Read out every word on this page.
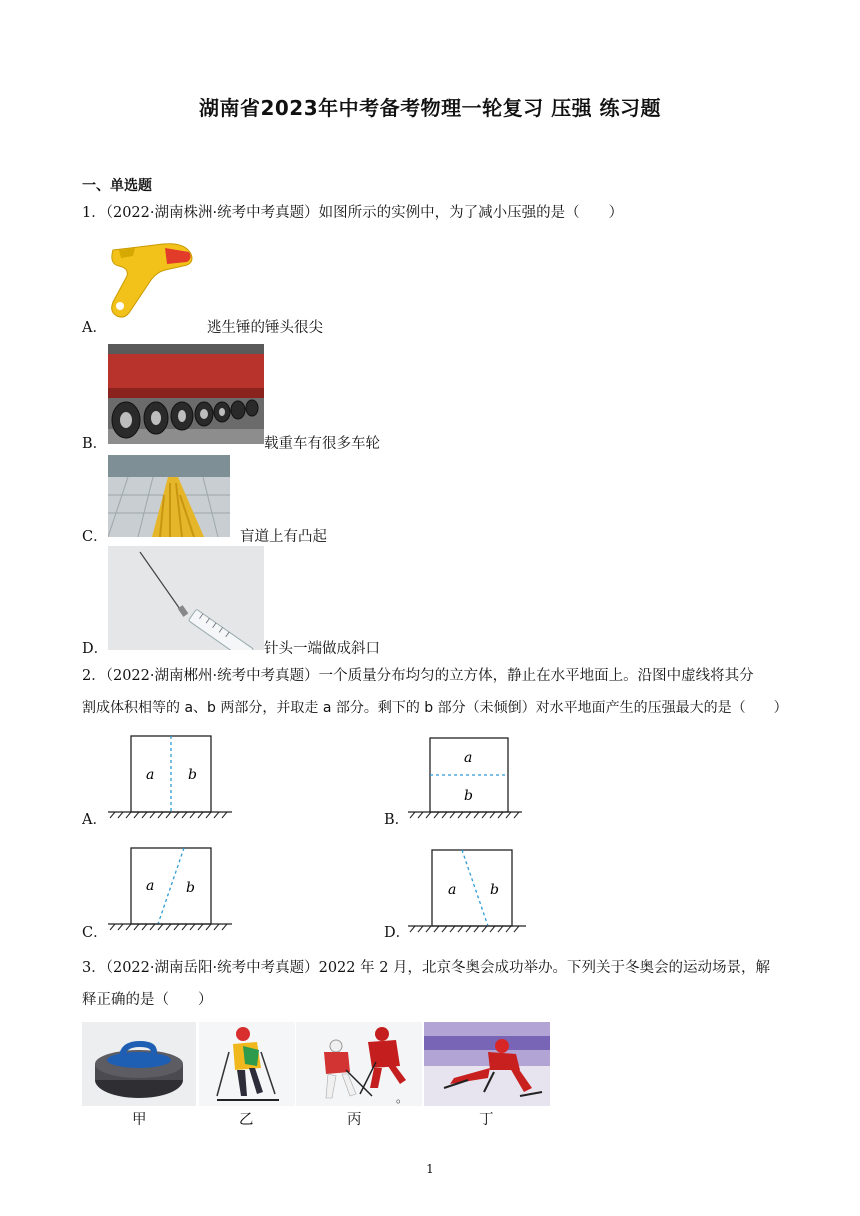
湖南省2023年中考备考物理一轮复习 压强 练习题
一、单选题
1．（2022·湖南株洲·统考中考真题）如图所示的实例中，为了减小压强的是（　　）
A．	逃生锤的锤头很尖
B．	载重车有很多车轮
C．	盲道上有凸起
D．	针头一端做成斜口
2．（2022·湖南郴州·统考中考真题）一个质量分布均匀的立方体，静止在水平地面上。沿图中虚线将其分
割成体积相等的 a、b 两部分，并取走 a 部分。剩下的 b 部分（未倾倒）对水平地面产生的压强最大的是（　　）
a b
A．
a
b
B．
a b
C．
a b
D．
3．（2022·湖南岳阳·统考中考真题）2022 年 2 月，北京冬奥会成功举办。下列关于冬奥会的运动场景，解
释正确的是（　　）
。
甲	乙	丙	丁
1
